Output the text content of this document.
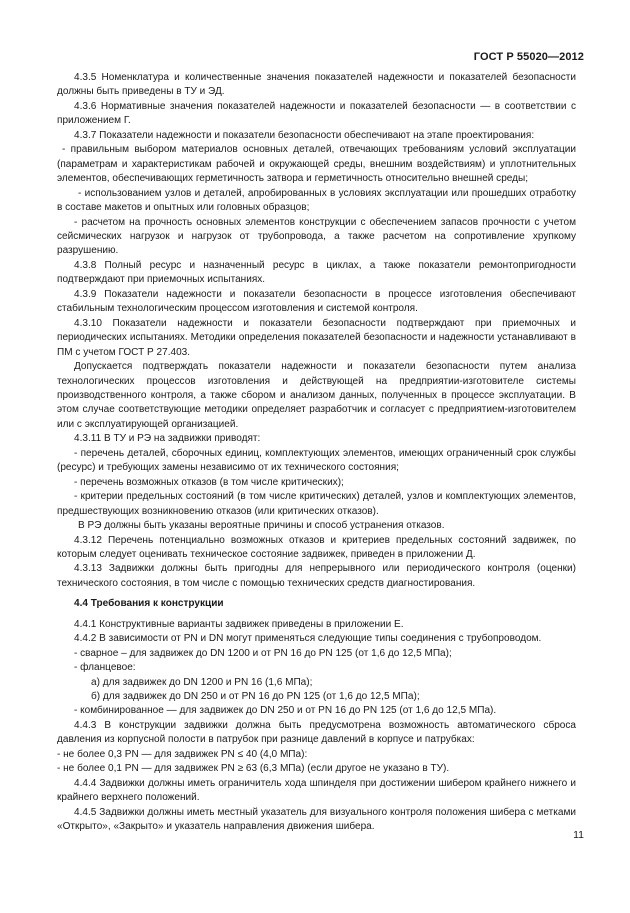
ГОСТ Р 55020—2012

4.3.5 Номенклатура и количественные значения показателей надежности и показателей безопасности должны быть приведены в ТУ и ЭД.

4.3.6 Нормативные значения показателей надежности и показателей безопасности — в соответствии с приложением Г.

4.3.7 Показатели надежности и показатели безопасности обеспечивают на этапе проектирования:

- правильным выбором материалов основных деталей, отвечающих требованиям условий эксплуатации (параметрам и характеристикам рабочей и окружающей среды, внешним воздействиям) и уплотнительных элементов, обеспечивающих герметичность затвора и герметичность относительно внешней среды;

- использованием узлов и деталей, апробированных в условиях эксплуатации или прошедших отработку в составе макетов и опытных или головных образцов;

- расчетом на прочность основных элементов конструкции с обеспечением запасов прочности с учетом сейсмических нагрузок и нагрузок от трубопровода, а также расчетом на сопротивление хрупкому разрушению.

4.3.8 Полный ресурс и назначенный ресурс в циклах, а также показатели ремонтопригодности подтверждают при приемочных испытаниях.

4.3.9 Показатели надежности и показатели безопасности в процессе изготовления обеспечивают стабильным технологическим процессом изготовления и системой контроля.

4.3.10 Показатели надежности и показатели безопасности подтверждают при приемочных и периодических испытаниях. Методики определения показателей безопасности и надежности устанавливают в ПМ с учетом ГОСТ Р 27.403.

Допускается подтверждать показатели надежности и показатели безопасности путем анализа технологических процессов изготовления и действующей на предприятии-изготовителе системы производственного контроля, а также сбором и анализом данных, полученных в процессе эксплуатации. В этом случае соответствующие методики определяет разработчик и согласует с предприятием-изготовителем или с эксплуатирующей организацией.

4.3.11 В ТУ и РЭ на задвижки приводят:

- перечень деталей, сборочных единиц, комплектующих элементов, имеющих ограниченный срок службы (ресурс) и требующих замены независимо от их технического состояния;

- перечень возможных отказов (в том числе критических);

- критерии предельных состояний (в том числе критических) деталей, узлов и комплектующих элементов, предшествующих возникновению отказов (или критических отказов).

В РЭ должны быть указаны вероятные причины и способ устранения отказов.

4.3.12 Перечень потенциально возможных отказов и критериев предельных состояний задвижек, по которым следует оценивать техническое состояние задвижек, приведен в приложении Д.

4.3.13 Задвижки должны быть пригодны для непрерывного или периодического контроля (оценки) технического состояния, в том числе с помощью технических средств диагностирования.

4.4 Требования к конструкции

4.4.1 Конструктивные варианты задвижек приведены в приложении Е.

4.4.2 В зависимости от PN и DN могут применяться следующие типы соединения с трубопроводом.

- сварное – для задвижек до DN 1200 и от PN 16 до PN 125 (от 1,6 до 12,5 МПа);

- фланцевое:

а) для задвижек до DN 1200 и PN 16 (1,6 МПа);

б) для задвижек до DN 250 и от PN 16 до PN 125 (от 1,6 до 12,5 МПа);

- комбинированное — для задвижек до DN 250 и от PN 16 до PN 125 (от 1,6 до 12,5 МПа).

4.4.3 В конструкции задвижки должна быть предусмотрена возможность автоматического сброса давления из корпусной полости в патрубок при разнице давлений в корпусе и патрубках:

- не более 0,3 PN — для задвижек PN ≤ 40 (4,0 МПа):

- не более 0,1 PN — для задвижек PN ≥ 63 (6,3 МПа) (если другое не указано в ТУ).

4.4.4 Задвижки должны иметь ограничитель хода шпинделя при достижении шибером крайнего нижнего и крайнего верхнего положений.

4.4.5 Задвижки должны иметь местный указатель для визуального контроля положения шибера с метками «Открыто», «Закрыто» и указатель направления движения шибера.

11
